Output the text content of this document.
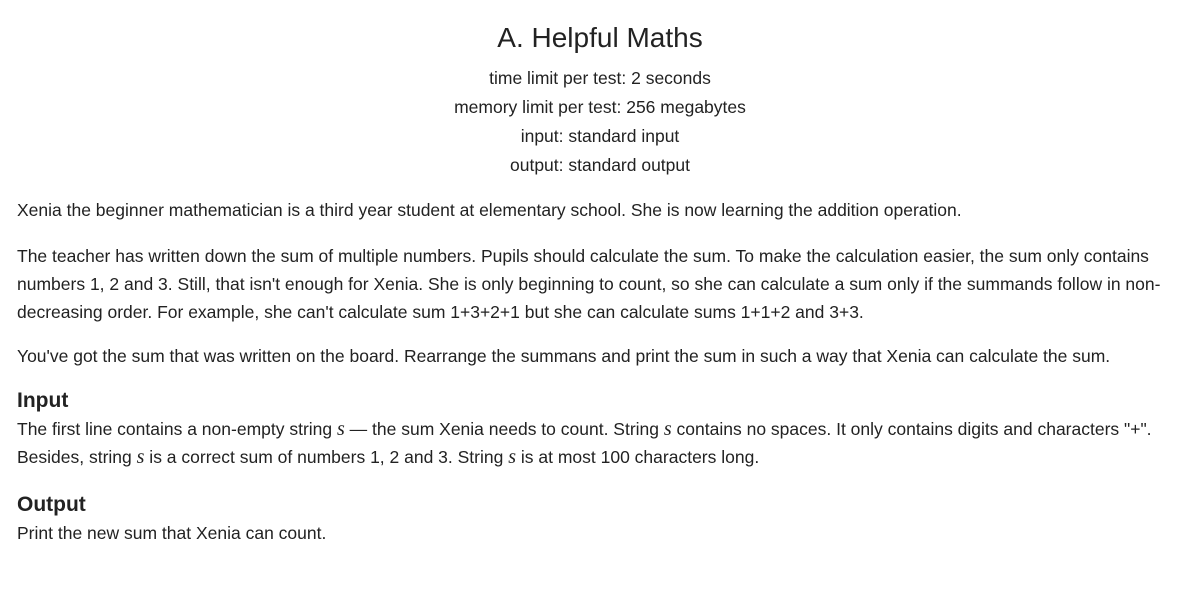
A. Helpful Maths
time limit per test: 2 seconds
memory limit per test: 256 megabytes
input: standard input
output: standard output

Xenia the beginner mathematician is a third year student at elementary school. She is now learning the addition operation.

The teacher has written down the sum of multiple numbers. Pupils should calculate the sum. To make the calculation easier, the sum only contains numbers 1, 2 and 3. Still, that isn't enough for Xenia. She is only beginning to count, so she can calculate a sum only if the summands follow in non-decreasing order. For example, she can't calculate sum 1+3+2+1 but she can calculate sums 1+1+2 and 3+3.

You've got the sum that was written on the board. Rearrange the summans and print the sum in such a way that Xenia can calculate the sum.

Input

The first line contains a non-empty string s — the sum Xenia needs to count. String s contains no spaces. It only contains digits and characters "+". Besides, string s is a correct sum of numbers 1, 2 and 3. String s is at most 100 characters long.

Output

Print the new sum that Xenia can count.
